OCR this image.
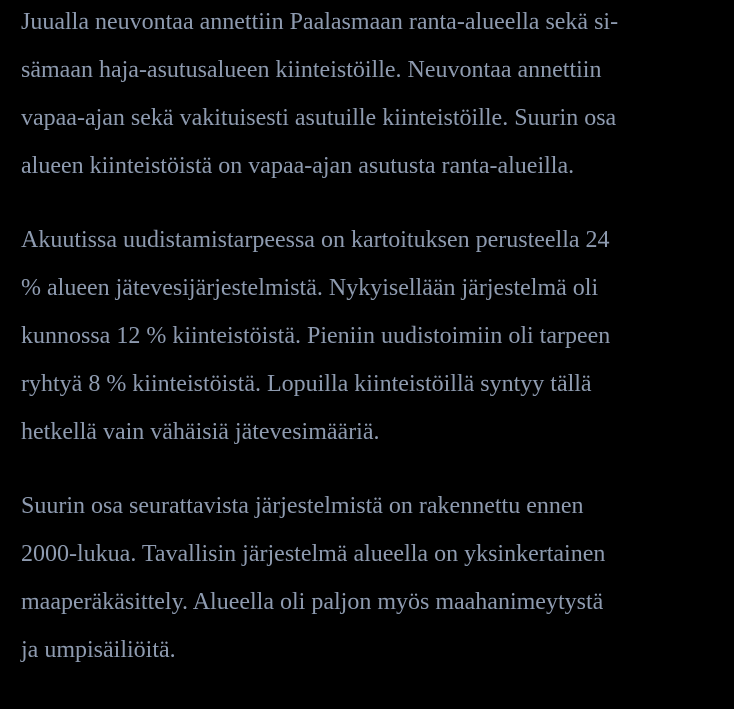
Juualla neuvontaa annettiin Paalasmaan ranta-alueella sekä si-
sämaan haja-asutusalueen kiinteistöille. Neuvontaa annettiin
vapaa-ajan sekä vakituisesti asutuille kiinteistöille. Suurin osa
alueen kiinteistöistä on vapaa-ajan asutusta ranta-alueilla.
Akuutissa uudistamistarpeessa on kartoituksen perusteella 24
% alueen jätevesijärjestelmistä. Nykyisellään järjestelmä oli
kunnossa 12 % kiinteistöistä. Pieniin uudistoimiin oli tarpeen
ryhtyä 8 % kiinteistöistä. Lopuilla kiinteistöillä syntyy tällä
hetkellä vain vähäisiä jätevesimääriä.
Suurin osa seurattavista järjestelmistä on rakennettu ennen
2000-lukua. Tavallisin järjestelmä alueella on yksinkertainen
maaperäkäsittely. Alueella oli paljon myös maahanimeytystä
ja umpisäiliöitä.
